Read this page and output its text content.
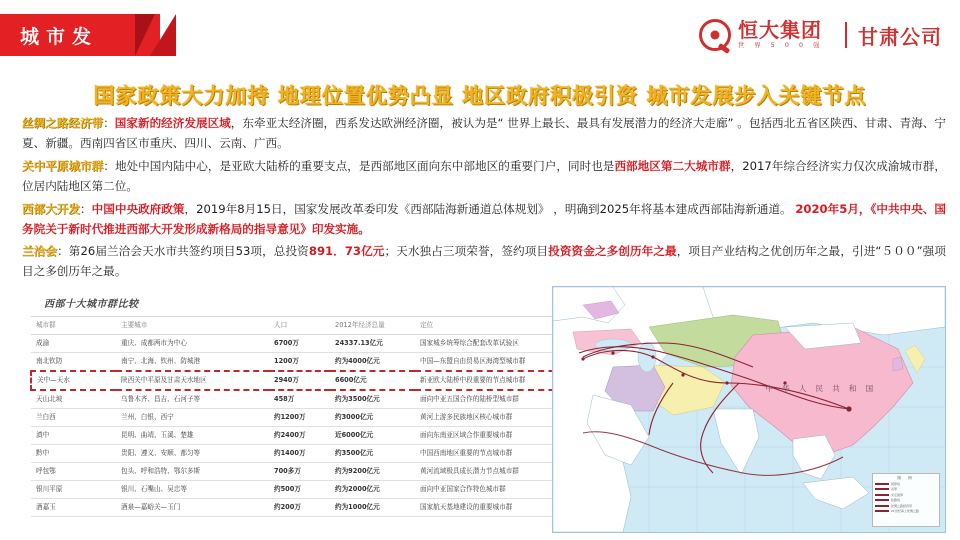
城市发	恒大集团
世 界 5 0 0 强 甘肃公司
国家政策大力加持 地理位置优势凸显 地区政府积极引资 城市发展步入关键节点
丝绸之路经济带：国家新的经济发展区域，东牵亚太经济圈，西系发达欧洲经济圈，被认为是“ 世界上最长、最具有发展潜力的经济大走廊” 。包括西北五省区陕西、甘肃、青海、宁夏、新疆。西南四省区市重庆、四川、云南、广西。
关中平原城市群：地处中国内陆中心，是亚欧大陆桥的重要支点，是西部地区面向东中部地区的重要门户，同时也是西部地区第二大城市群，2017年综合经济实力仅次成渝城市群，位居内陆地区第二位。
西部大开发：中国中央政府政策，2019年8月15日，国家发展改革委印发《西部陆海新通道总体规划》 ，明确到2025年将基本建成西部陆海新通道。 2020年5月，《中共中央、国务院关于新时代推进西部大开发形成新格局的指导意见》印发实施。
兰洽会：第26届兰洽会天水市共签约项目53项，总投资891．73亿元；天水独占三项荣誉，签约项目投资资金之多创历年之最，项目产业结构之优创历年之最，引进“５００”强项目之多创历年之最。
西部十大城市群比较
城市群	主要城市	人口	2012年经济总量	定位
成渝	重庆、成都两市为中心	6700万	24337.13亿元	国家城乡统筹综合配套改革试验区
南北钦防	南宁、北海、钦州、防城港	1200万	约为4000亿元	中国—东盟自由贸易区海湾型城市群
关中—天水	陕西关中平原及甘肃天水地区	2940万	6600亿元	新亚欧大陆桥中段重要的节点城市群
天山北坡	乌鲁木齐、昌吉、石河子等	458万	约为3500亿元	面向中亚五国合作的陆桥型城市群
兰白西	兰州、白银、西宁	约1200万	约3000亿元	黄河上游多民族地区核心城市群
滇中	昆明、曲靖、玉溪、楚雄	约2400万	近6000亿元	面向东南亚区域合作重要城市群
黔中	贵阳、遵义、安顺、都匀等	约1400万	约3500亿元	中国西南地区重要的节点城市群
呼包鄂	包头、呼和浩特、鄂尔多斯	700多万	约为9200亿元	黄河流域极具成长潜力节点城市群
银川平原	银川、石嘴山、吴忠等	约500万	约为2000亿元	面向中亚国家合作特色城市群
酒嘉玉	酒泉—嘉峪关—玉门	约200万	约为1000亿元	国家航天基地建设的重要城市群
中 华 人 民 共 和 国
图 例
国界线
省界
未定国界
铁路线
丝绸之路经济带
21世纪海上丝绸之路
